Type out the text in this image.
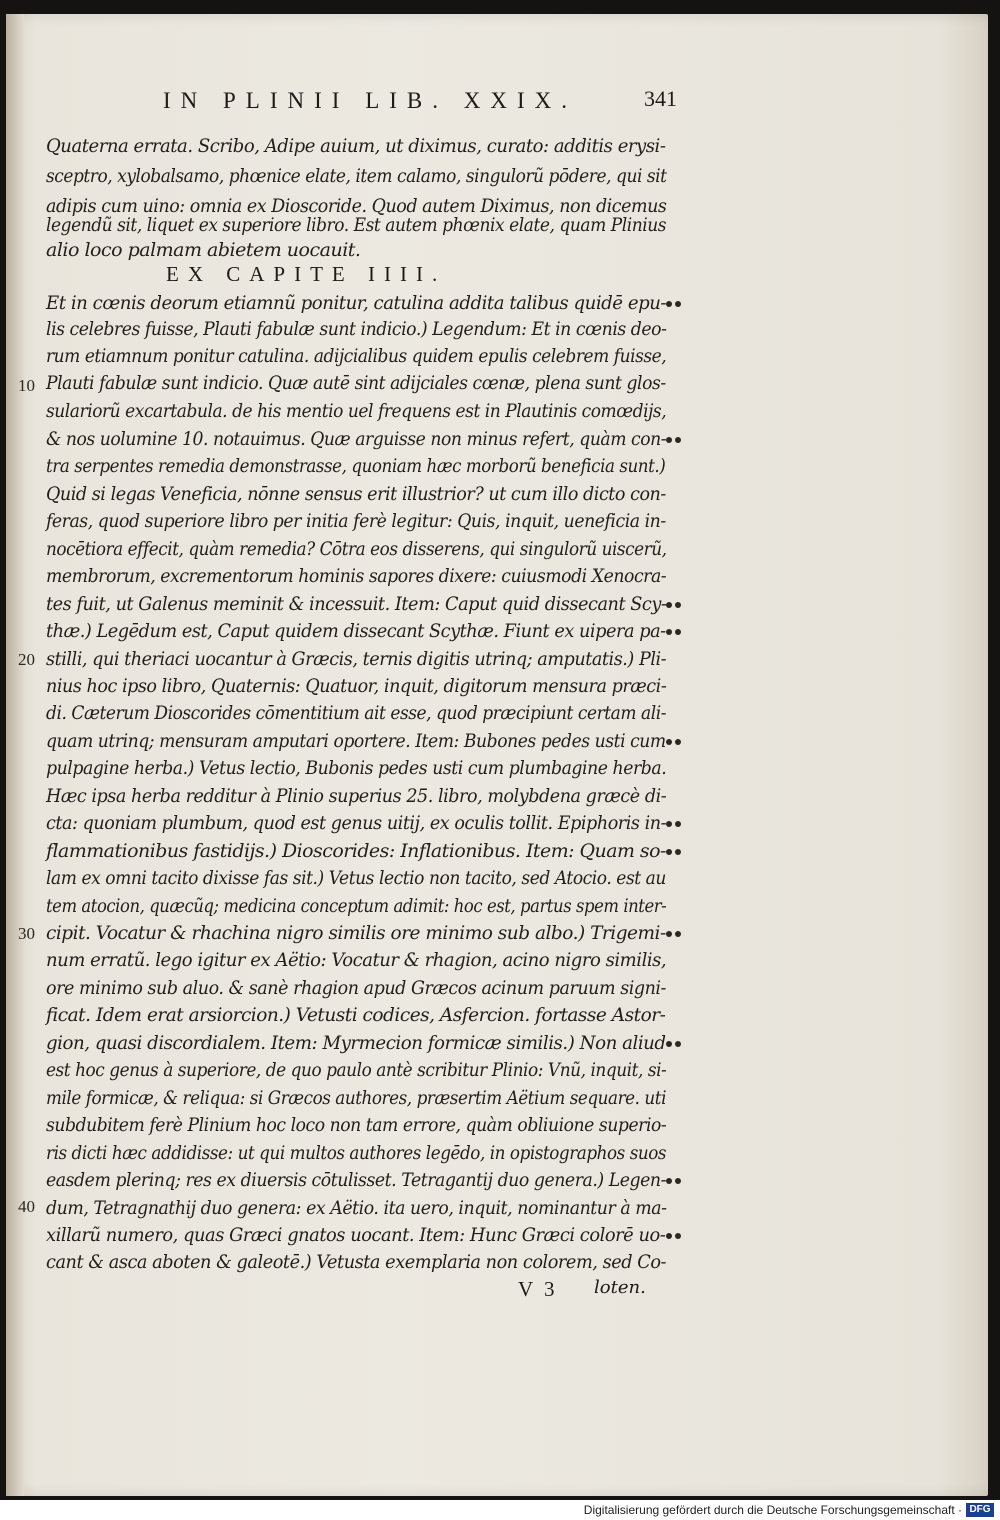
IN PLINII LIB. XXIX.	341
Quaterna errata. Scribo, Adipe auium, ut diximus, curato: additis erysi-
sceptro, xylobalsamo, phœnice elate, item calamo, singulorũ pōdere, qui sit
adipis cum uino: omnia ex Dioscoride. Quod autem Diximus, non dicemus
legendũ sit, liquet ex superiore libro. Est autem phœnix elate, quam Plinius
alio loco palmam abietem uocauit.
EX CAPITE IIII.
Et in cœnis deorum etiamnũ ponitur, catulina addita talibus quidē epu-
lis celebres fuisse, Plauti fabulæ sunt indicio.) Legendum: Et in cœnis deo-
rum etiamnum ponitur catulina. adijcialibus quidem epulis celebrem fuisse,
Plauti fabulæ sunt indicio. Quæ autē sint adijciales cœnæ, plena sunt glos-
sulariorũ excartabula. de his mentio uel frequens est in Plautinis comœdijs,
& nos uolumine 10. notauimus. Quæ arguisse non minus refert, quàm con-
tra serpentes remedia demonstrasse, quoniam hæc morborũ beneficia sunt.)
Quid si legas Veneficia, nōnne sensus erit illustrior? ut cum illo dicto con-
feras, quod superiore libro per initia ferè legitur: Quis, inquit, ueneficia in-
nocētiora effecit, quàm remedia? Cōtra eos disserens, qui singulorũ uiscerũ,
membrorum, excrementorum hominis sapores dixere: cuiusmodi Xenocra-
tes fuit, ut Galenus meminit & incessuit. Item: Caput quid dissecant Scy-
thæ.) Legēdum est, Caput quidem dissecant Scythæ. Fiunt ex uipera pa-
stilli, qui theriaci uocantur à Græcis, ternis digitis utrinq; amputatis.) Pli-
nius hoc ipso libro, Quaternis: Quatuor, inquit, digitorum mensura præci-
di. Cæterum Dioscorides cōmentitium ait esse, quod præcipiunt certam ali-
quam utrinq; mensuram amputari oportere. Item: Bubones pedes usti cum
pulpagine herba.) Vetus lectio, Bubonis pedes usti cum plumbagine herba.
Hæc ipsa herba redditur à Plinio superius 25. libro, molybdena græcè di-
cta: quoniam plumbum, quod est genus uitij, ex oculis tollit. Epiphoris in-
flammationibus fastidijs.) Dioscorides: Inflationibus. Item: Quam so-
lam ex omni tacito dixisse fas sit.) Vetus lectio non tacito, sed Atocio. est au
tem atocion, quæcũq; medicina conceptum adimit: hoc est, partus spem inter-
cipit. Vocatur & rhachina nigro similis ore minimo sub albo.) Trigemi-
num erratũ. lego igitur ex Aëtio: Vocatur & rhagion, acino nigro similis,
ore minimo sub aluo. & sanè rhagion apud Græcos acinum paruum signi-
ficat. Idem erat arsiorcion.) Vetusti codices, Asfercion. fortasse Astor-
gion, quasi discordialem. Item: Myrmecion formicæ similis.) Non aliud
est hoc genus à superiore, de quo paulo antè scribitur Plinio: Vnũ, inquit, si-
mile formicæ, & reliqua: si Græcos authores, præsertim Aëtium sequare. uti
subdubitem ferè Plinium hoc loco non tam errore, quàm obliuione superio-
ris dicti hæc addidisse: ut qui multos authores legēdo, in opistographos suos
easdem plerinq; res ex diuersis cōtulisset. Tetragantij duo genera.) Legen-
dum, Tetragnathij duo genera: ex Aëtio. ita uero, inquit, nominantur à ma-
xillarũ numero, quas Græci gnatos uocant. Item: Hunc Græci colorē uo-
cant & asca aboten & galeotē.) Vetusta exemplaria non colorem, sed Co-
10
20
30
40
V 3 loten.
Digitalisierung gefördert durch die Deutsche Forschungsgemeinschaft · DFG
